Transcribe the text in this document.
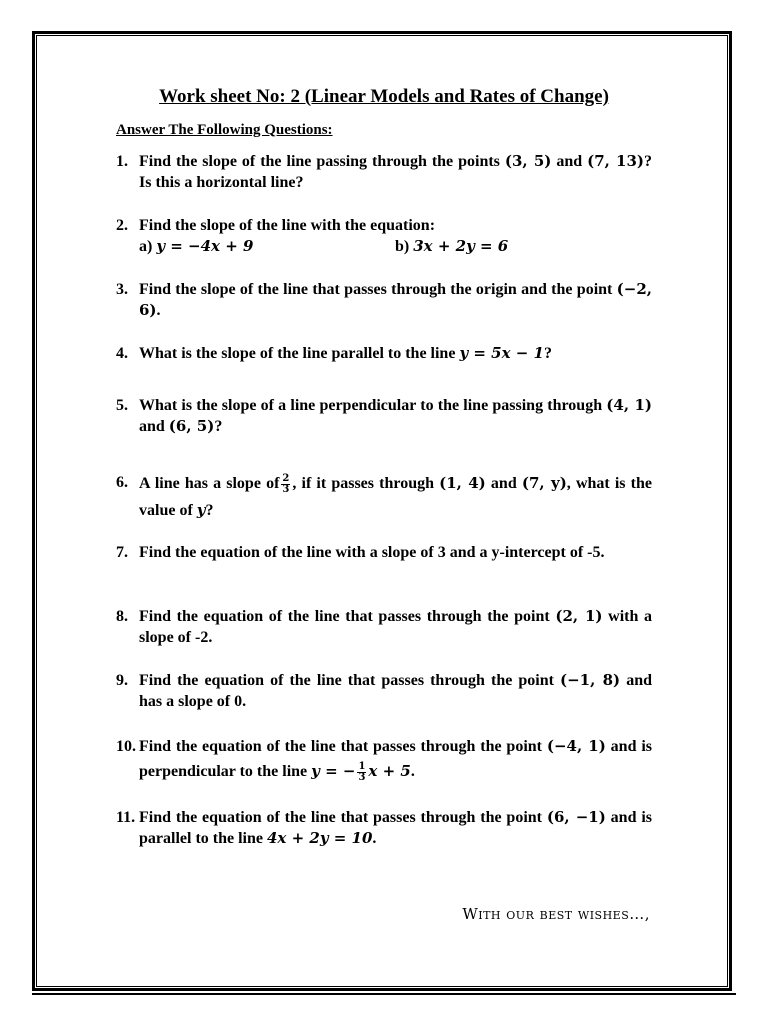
Work sheet No: 2 (Linear Models and Rates of Change)
Answer The Following Questions:
1. Find the slope of the line passing through the points (3, 5) and (7, 13)? Is this a horizontal line?
2. Find the slope of the line with the equation:
a) y = −4x + 9	b) 3x + 2y = 6
3. Find the slope of the line that passes through the origin and the point (−2, 6).
4. What is the slope of the line parallel to the line y = 5x − 1?
5. What is the slope of a line perpendicular to the line passing through (4, 1) and (6, 5)?
6. A line has a slope of $\frac{2}{3}$ , if it passes through (1, 4) and (7, y), what is the value of y?
7. Find the equation of the line with a slope of 3 and a y-intercept of -5.
8. Find the equation of the line that passes through the point (2, 1) with a slope of -2.
9. Find the equation of the line that passes through the point (−1, 8) and has a slope of 0.
10. Find the equation of the line that passes through the point (−4, 1) and is perpendicular to the line y = − $\frac{1}{3}$ x + 5.
11. Find the equation of the line that passes through the point (6, −1) and is parallel to the line 4x + 2y = 10.
With our best wishes…,
